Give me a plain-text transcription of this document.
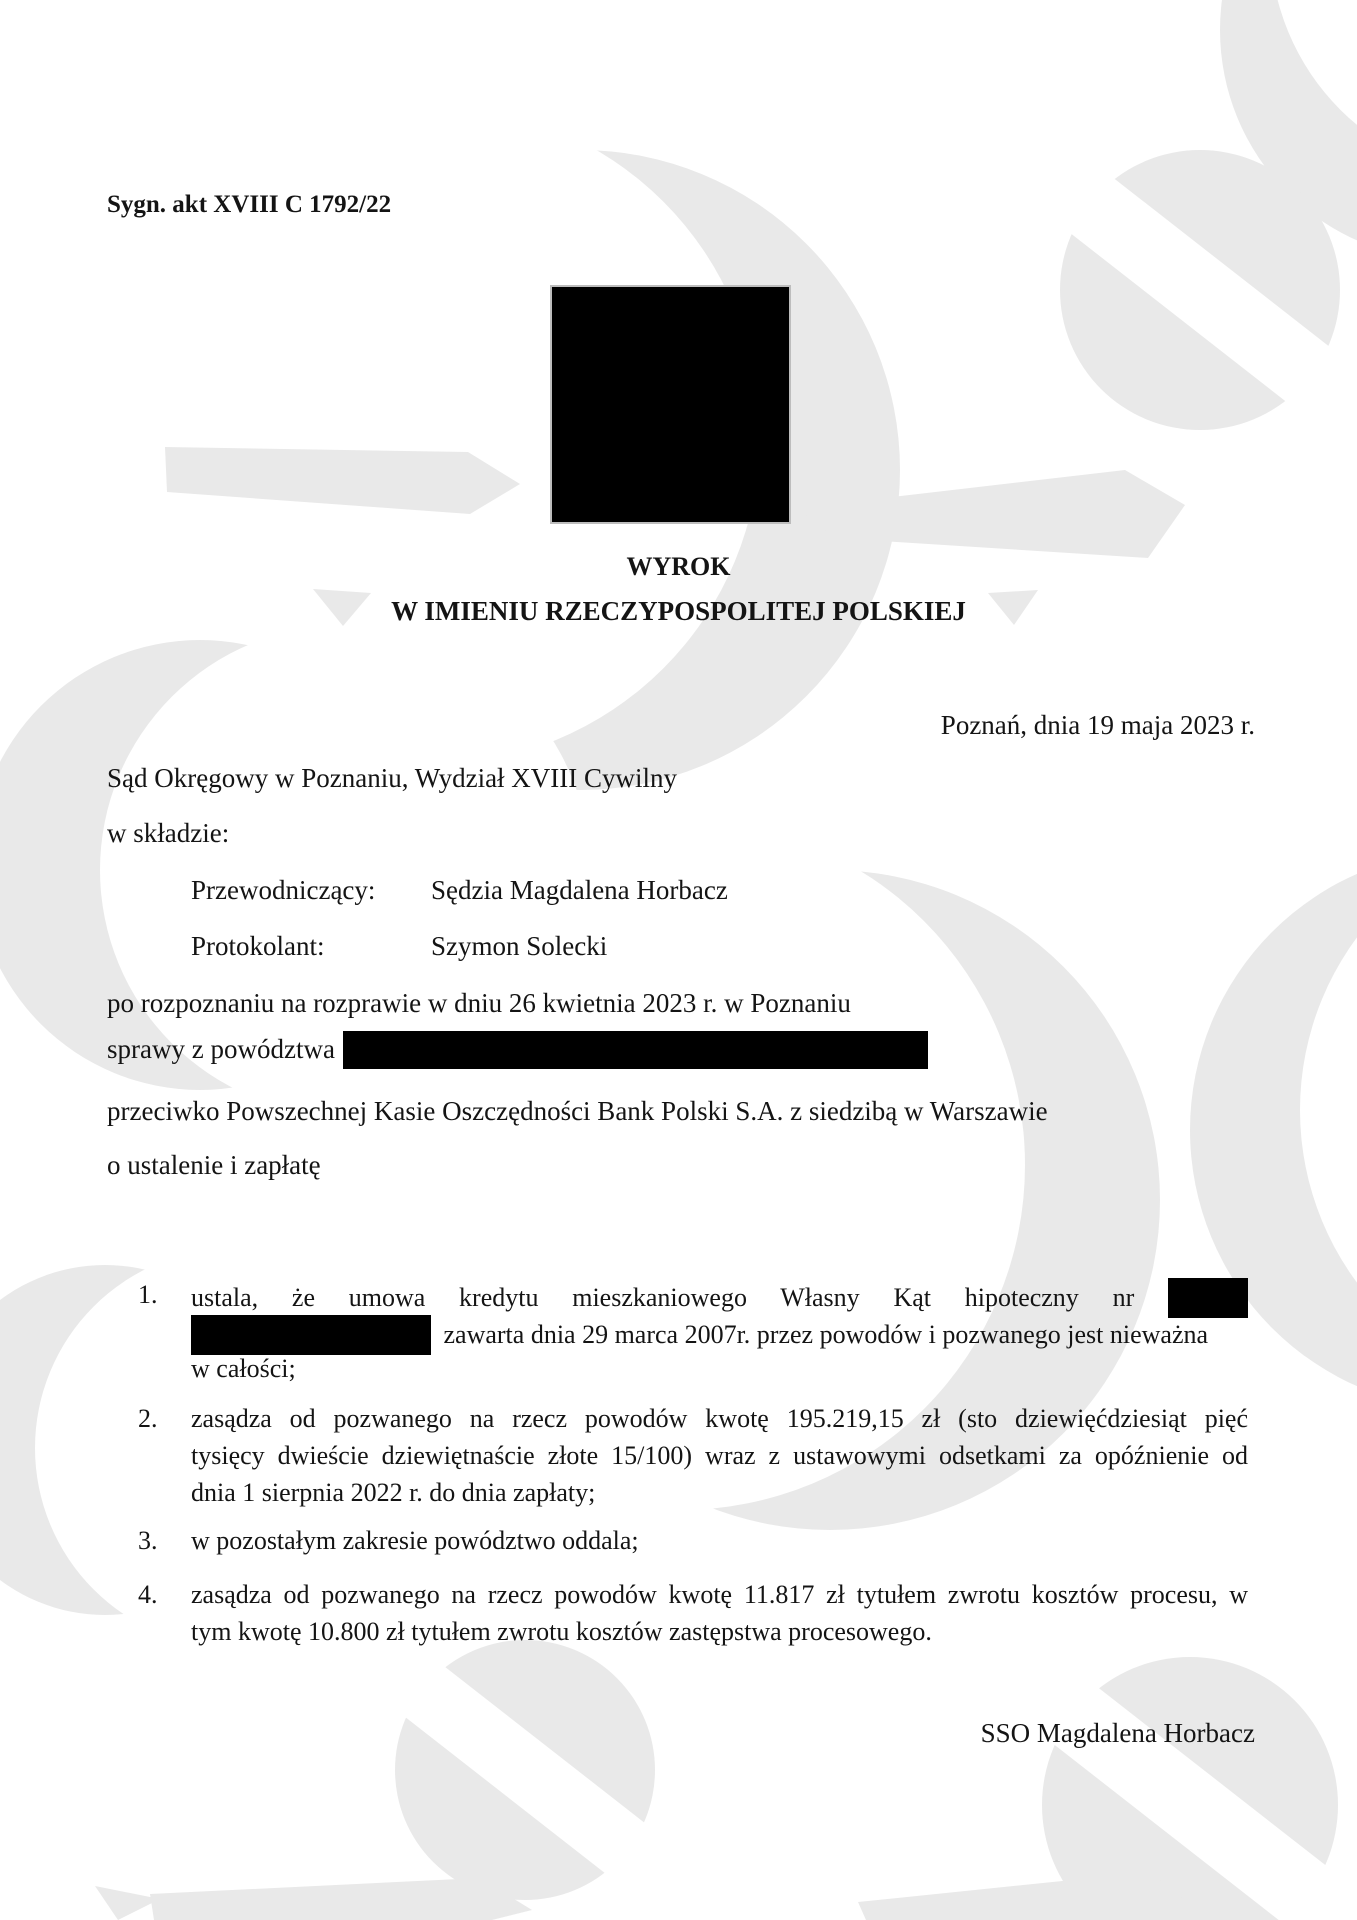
Sygn. akt XVIII C 1792/22
WYROK
W IMIENIU RZECZYPOSPOLITEJ POLSKIEJ
Poznań, dnia 19 maja 2023 r.
Sąd Okręgowy w Poznaniu, Wydział XVIII Cywilny
w składzie:
Przewodniczący: Sędzia Magdalena Horbacz
Protokolant:	Szymon Solecki
po rozpoznaniu na rozprawie w dniu 26 kwietnia 2023 r. w Poznaniu
sprawy z powództwa
przeciwko Powszechnej Kasie Oszczędności Bank Polski S.A. z siedzibą w Warszawie
o ustalenie i zapłatę
1.	ustala, że umowa kredytu mieszkaniowego Własny Kąt hipoteczny nr
zawarta dnia 29 marca 2007r. przez powodów i pozwanego jest nieważna
w całości;
2.	zasądza od pozwanego na rzecz powodów kwotę 195.219,15 zł (sto dziewięćdziesiąt pięć
tysięcy dwieście dziewiętnaście złote 15/100) wraz z ustawowymi odsetkami za opóźnienie od
dnia 1 sierpnia 2022 r. do dnia zapłaty;
3.	w pozostałym zakresie powództwo oddala;
4.	zasądza od pozwanego na rzecz powodów kwotę 11.817 zł tytułem zwrotu kosztów procesu, w
tym kwotę 10.800 zł tytułem zwrotu kosztów zastępstwa procesowego.
SSO Magdalena Horbacz
